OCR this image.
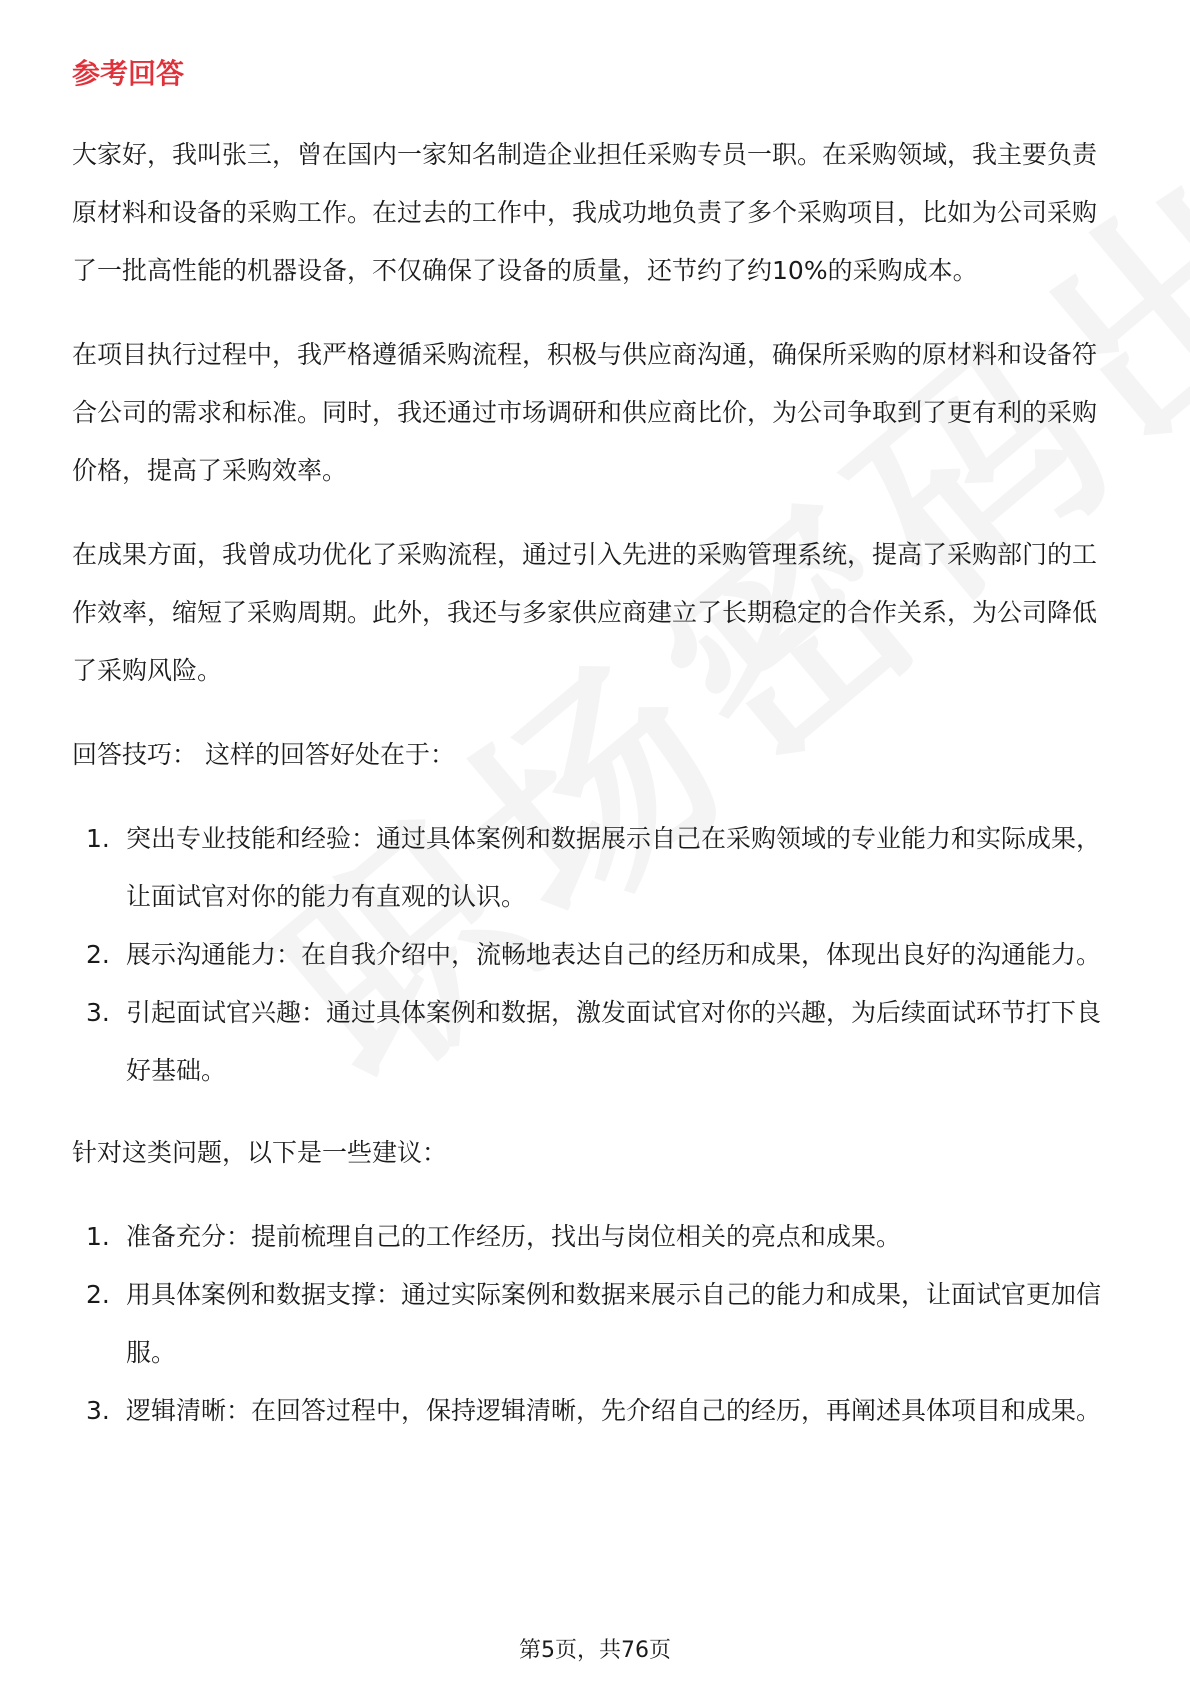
参考回答

大家好，我叫张三，曾在国内一家知名制造企业担任采购专员一职。在采购领域，我主要负责原材料和设备的采购工作。在过去的工作中，我成功地负责了多个采购项目，比如为公司采购了一批高性能的机器设备，不仅确保了设备的质量，还节约了约10%的采购成本。

在项目执行过程中，我严格遵循采购流程，积极与供应商沟通，确保所采购的原材料和设备符合公司的需求和标准。同时，我还通过市场调研和供应商比价，为公司争取到了更有利的采购价格，提高了采购效率。

在成果方面，我曾成功优化了采购流程，通过引入先进的采购管理系统，提高了采购部门的工作效率，缩短了采购周期。此外，我还与多家供应商建立了长期稳定的合作关系，为公司降低了采购风险。

回答技巧： 这样的回答好处在于：

1. 突出专业技能和经验：通过具体案例和数据展示自己在采购领域的专业能力和实际成果，让面试官对你的能力有直观的认识。
2. 展示沟通能力：在自我介绍中，流畅地表达自己的经历和成果，体现出良好的沟通能力。
3. 引起面试官兴趣：通过具体案例和数据，激发面试官对你的兴趣，为后续面试环节打下良好基础。

针对这类问题，以下是一些建议：

1. 准备充分：提前梳理自己的工作经历，找出与岗位相关的亮点和成果。
2. 用具体案例和数据支撑：通过实际案例和数据来展示自己的能力和成果，让面试官更加信服。
3. 逻辑清晰：在回答过程中，保持逻辑清晰，先介绍自己的经历，再阐述具体项目和成果。
第5页，共76页
